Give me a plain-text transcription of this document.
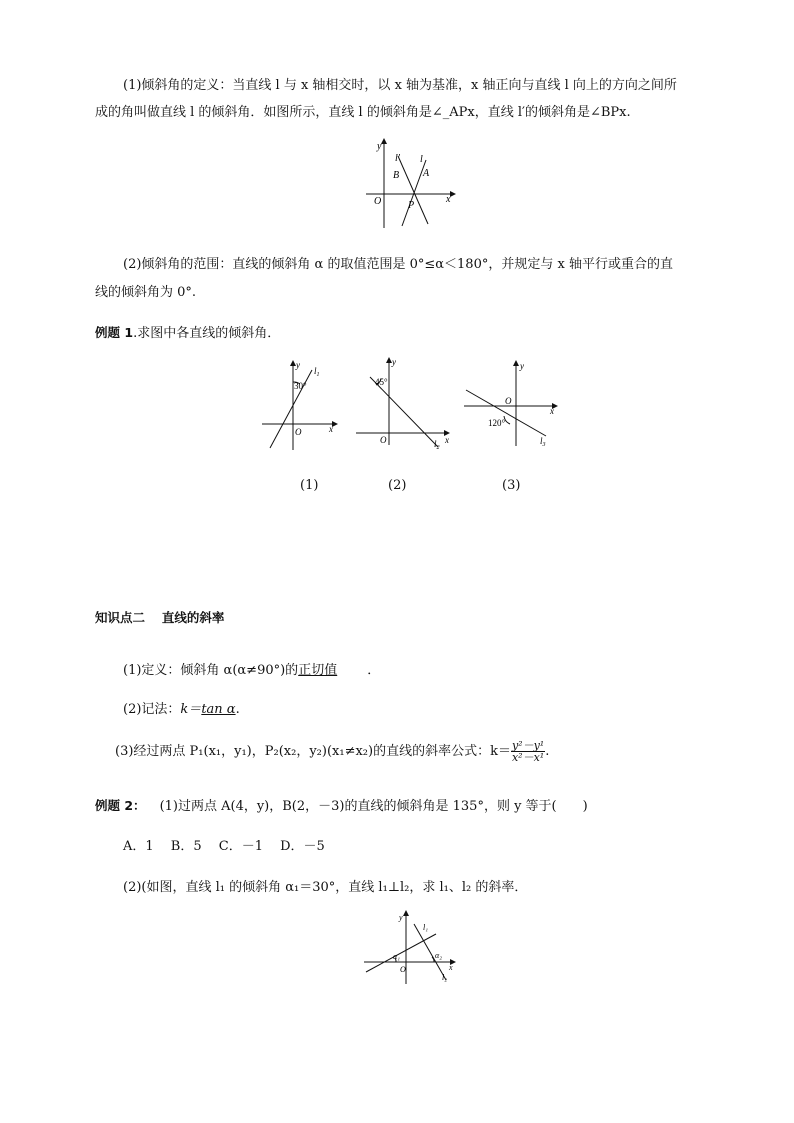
(1)倾斜角的定义：当直线 l 与 x 轴相交时，以 x 轴为基准，x 轴正向与直线 l 向上的方向之间所
成的角叫做直线 l 的倾斜角．如图所示，直线 l 的倾斜角是∠_APx，直线 l′的倾斜角是∠BPx.
y
x
O
l′ l
B A
P
(2)倾斜角的范围：直线的倾斜角 α 的取值范围是 0°≤α＜180°，并规定与 x 轴平行或重合的直
线的倾斜角为 0°.
例题 1.求图中各直线的倾斜角．
y
x
O
30°
$l_1$
(1)
y
x
O
45°
$l_2$
(2)
y
x
O
120°
$l_3$
(3)
知识点二　 直线的斜率
(1)定义：倾斜角 α(α≠90°)的正切值 ．
(2)记法：k＝tan α.
(3)经过两点 P₁(x₁，y₁)，P₂(x₂，y₂)(x₁≠x₂)的直线的斜率公式：$k= \frac{\text{y²－y¹}}{\text{x²－x¹}}$ .
例题 2： (1)过两点 A(4，y)，B(2，－3)的直线的倾斜角是 135°，则 y 等于(　　)
A．1　 B．5　 C．－1　 D．－5
(2)(如图，直线 l₁ 的倾斜角 α₁＝30°，直线 l₁⊥l₂，求 l₁、l₂ 的斜率．
y
x
O
l₁
l₂
α₁	α₂
